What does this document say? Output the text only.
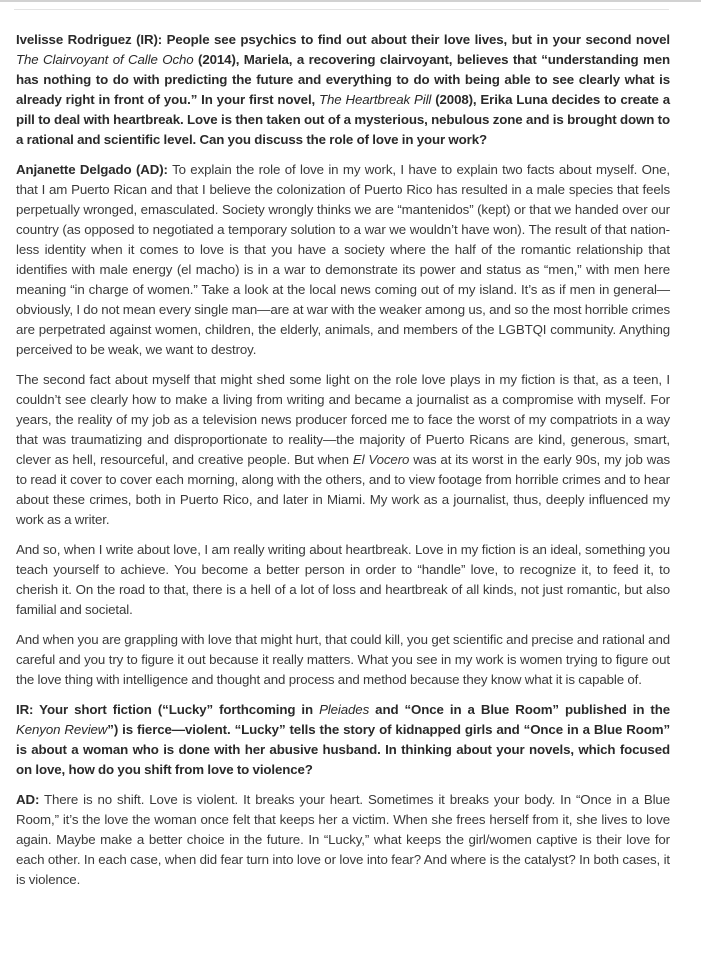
Ivelisse Rodriguez (IR): People see psychics to find out about their love lives, but in your second novel The Clairvoyant of Calle Ocho (2014), Mariela, a recovering clairvoyant, believes that “understanding men has nothing to do with predicting the future and everything to do with being able to see clearly what is already right in front of you.” In your first novel, The Heartbreak Pill (2008), Erika Luna decides to create a pill to deal with heartbreak. Love is then taken out of a mysterious, nebulous zone and is brought down to a rational and scientific level. Can you discuss the role of love in your work?

Anjanette Delgado (AD): To explain the role of love in my work, I have to explain two facts about myself. One, that I am Puerto Rican and that I believe the colonization of Puerto Rico has resulted in a male species that feels perpetually wronged, emasculated. Society wrongly thinks we are “mantenidos” (kept) or that we handed over our country (as opposed to negotiated a temporary solution to a war we wouldn’t have won). The result of that nation-less identity when it comes to love is that you have a society where the half of the romantic relationship that identifies with male energy (el macho) is in a war to demonstrate its power and status as “men,” with men here meaning “in charge of women.” Take a look at the local news coming out of my island. It’s as if men in general—obviously, I do not mean every single man—are at war with the weaker among us, and so the most horrible crimes are perpetrated against women, children, the elderly, animals, and members of the LGBTQI community. Anything perceived to be weak, we want to destroy.

The second fact about myself that might shed some light on the role love plays in my fiction is that, as a teen, I couldn’t see clearly how to make a living from writing and became a journalist as a compromise with myself. For years, the reality of my job as a television news producer forced me to face the worst of my compatriots in a way that was traumatizing and disproportionate to reality—the majority of Puerto Ricans are kind, generous, smart, clever as hell, resourceful, and creative people. But when El Vocero was at its worst in the early 90s, my job was to read it cover to cover each morning, along with the others, and to view footage from horrible crimes and to hear about these crimes, both in Puerto Rico, and later in Miami. My work as a journalist, thus, deeply influenced my work as a writer.

And so, when I write about love, I am really writing about heartbreak. Love in my fiction is an ideal, something you teach yourself to achieve. You become a better person in order to “handle” love, to recognize it, to feed it, to cherish it. On the road to that, there is a hell of a lot of loss and heartbreak of all kinds, not just romantic, but also familial and societal.

And when you are grappling with love that might hurt, that could kill, you get scientific and precise and rational and careful and you try to figure it out because it really matters. What you see in my work is women trying to figure out the love thing with intelligence and thought and process and method because they know what it is capable of.

IR: Your short fiction (“Lucky” forthcoming in Pleiades and “Once in a Blue Room” published in the Kenyon Review”) is fierce—violent. “Lucky” tells the story of kidnapped girls and “Once in a Blue Room” is about a woman who is done with her abusive husband. In thinking about your novels, which focused on love, how do you shift from love to violence?

AD: There is no shift. Love is violent. It breaks your heart. Sometimes it breaks your body. In “Once in a Blue Room,” it’s the love the woman once felt that keeps her a victim. When she frees herself from it, she lives to love again. Maybe make a better choice in the future. In “Lucky,” what keeps the girl/women captive is their love for each other. In each case, when did fear turn into love or love into fear? And where is the catalyst? In both cases, it is violence.
